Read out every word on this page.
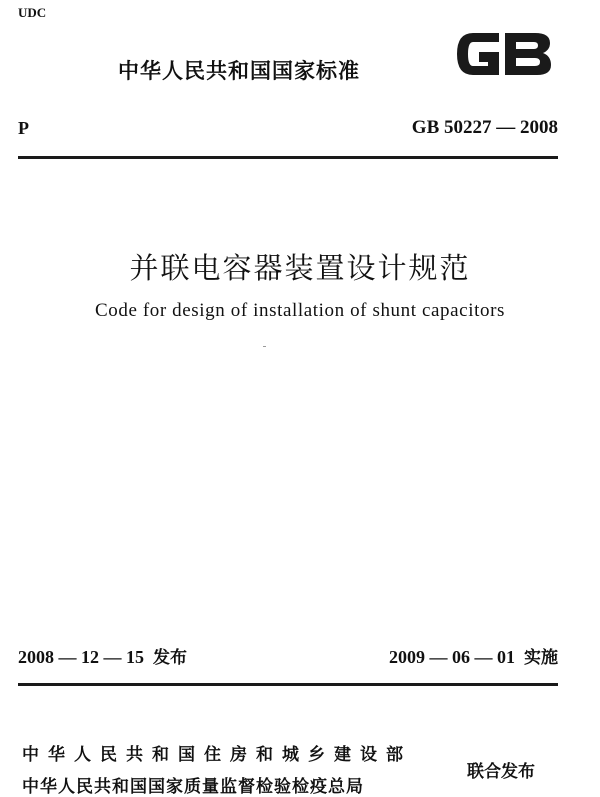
UDC
中华人民共和国国家标准
P	GB 50227 — 2008
并联电容器装置设计规范
Code for design of installation of shunt capacitors
2008 — 12 — 15 发布	2009 — 06 — 01 实施
中华人民共和国住房和城乡建设部
中华人民共和国国家质量监督检验检疫总局
联合发布
